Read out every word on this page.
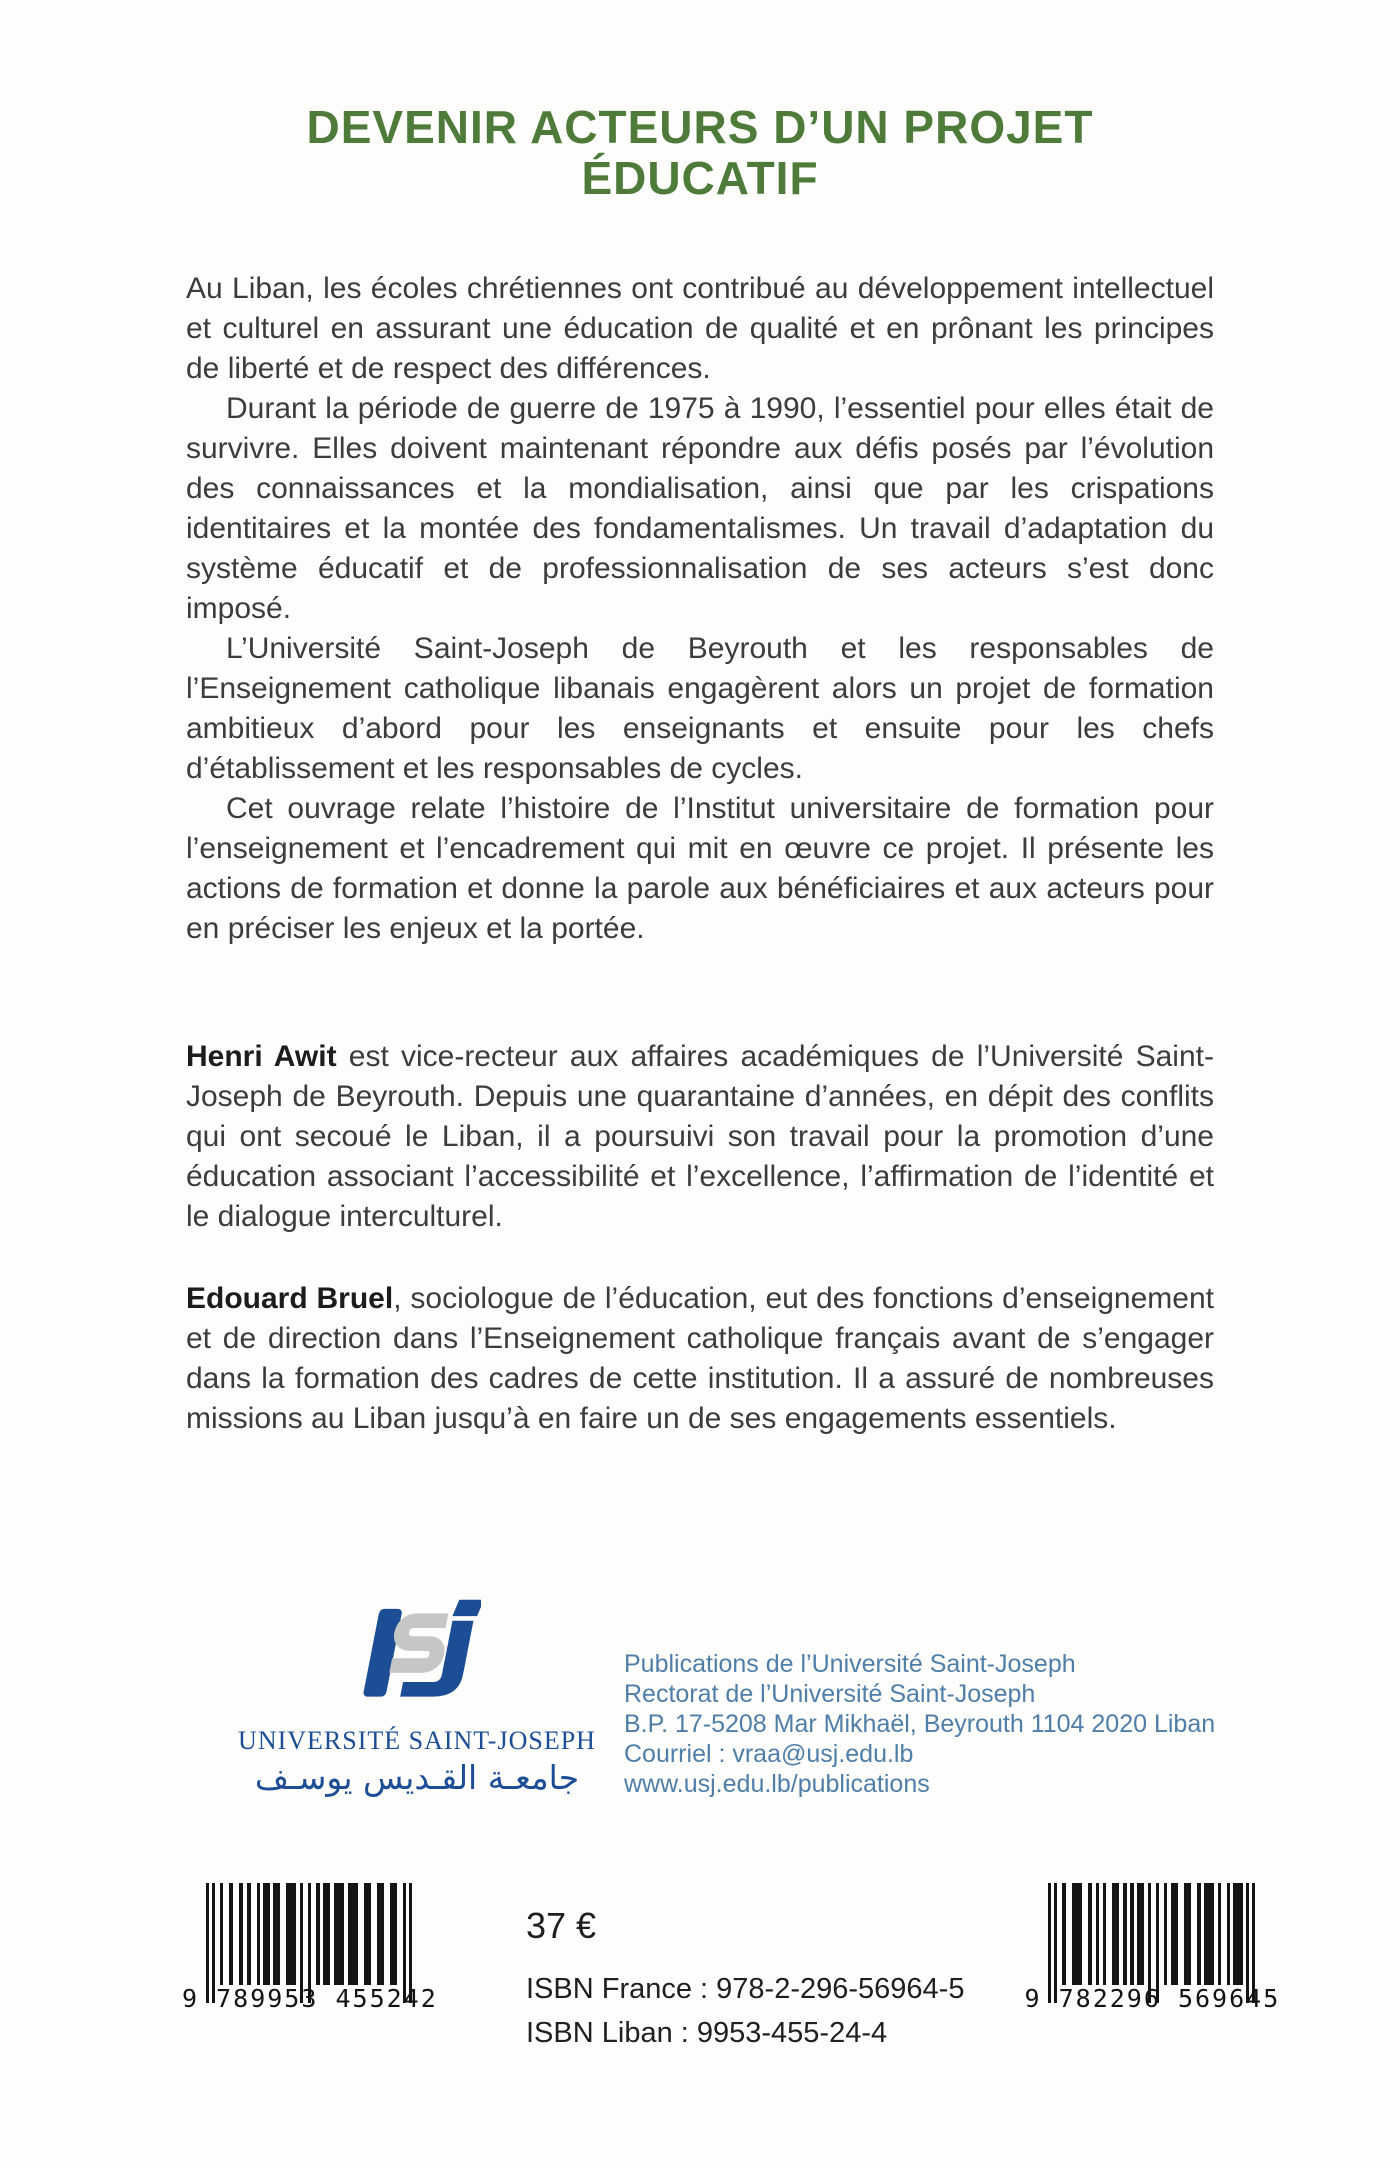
DEVENIR ACTEURS D’UN PROJET ÉDUCATIF

Au Liban, les écoles chrétiennes ont contribué au développement intellectuel et culturel en assurant une éducation de qualité et en prônant les principes de liberté et de respect des différences.

Durant la période de guerre de 1975 à 1990, l’essentiel pour elles était de survivre. Elles doivent maintenant répondre aux défis posés par l’évolution des connaissances et la mondialisation, ainsi que par les crispations identitaires et la montée des fondamentalismes. Un travail d’adaptation du système éducatif et de professionnalisation de ses acteurs s’est donc imposé.

L’Université Saint-Joseph de Beyrouth et les responsables de l’Enseignement catholique libanais engagèrent alors un projet de formation ambitieux d’abord pour les enseignants et ensuite pour les chefs d’établissement et les responsables de cycles.

Cet ouvrage relate l’histoire de l’Institut universitaire de formation pour l’enseignement et l’encadrement qui mit en œuvre ce projet. Il présente les actions de formation et donne la parole aux bénéficiaires et aux acteurs pour en préciser les enjeux et la portée.

Henri Awit est vice-recteur aux affaires académiques de l’Université Saint-Joseph de Beyrouth. Depuis une quarantaine d’années, en dépit des conflits qui ont secoué le Liban, il a poursuivi son travail pour la promotion d’une éducation associant l’accessibilité et l’excellence, l’affirmation de l’identité et le dialogue interculturel.

Edouard Bruel, sociologue de l’éducation, eut des fonctions d’enseignement et de direction dans l’Enseignement catholique français avant de s’engager dans la formation des cadres de cette institution. Il a assuré de nombreuses missions au Liban jusqu’à en faire un de ses engagements essentiels.

UNIVERSITÉ SAINT-JOSEPH
جامعـة القـديس يوسـف
Publications de l’Université Saint-Joseph
Rectorat de l’Université Saint-Joseph
B.P. 17-5208 Mar Mikhaël, Beyrouth 1104 2020 Liban
Courriel : vraa@usj.edu.lb
www.usj.edu.lb/publications
9 789953 455242
37 €
ISBN France : 978-2-296-56964-5
ISBN Liban : 9953-455-24-4
9 782296 569645
